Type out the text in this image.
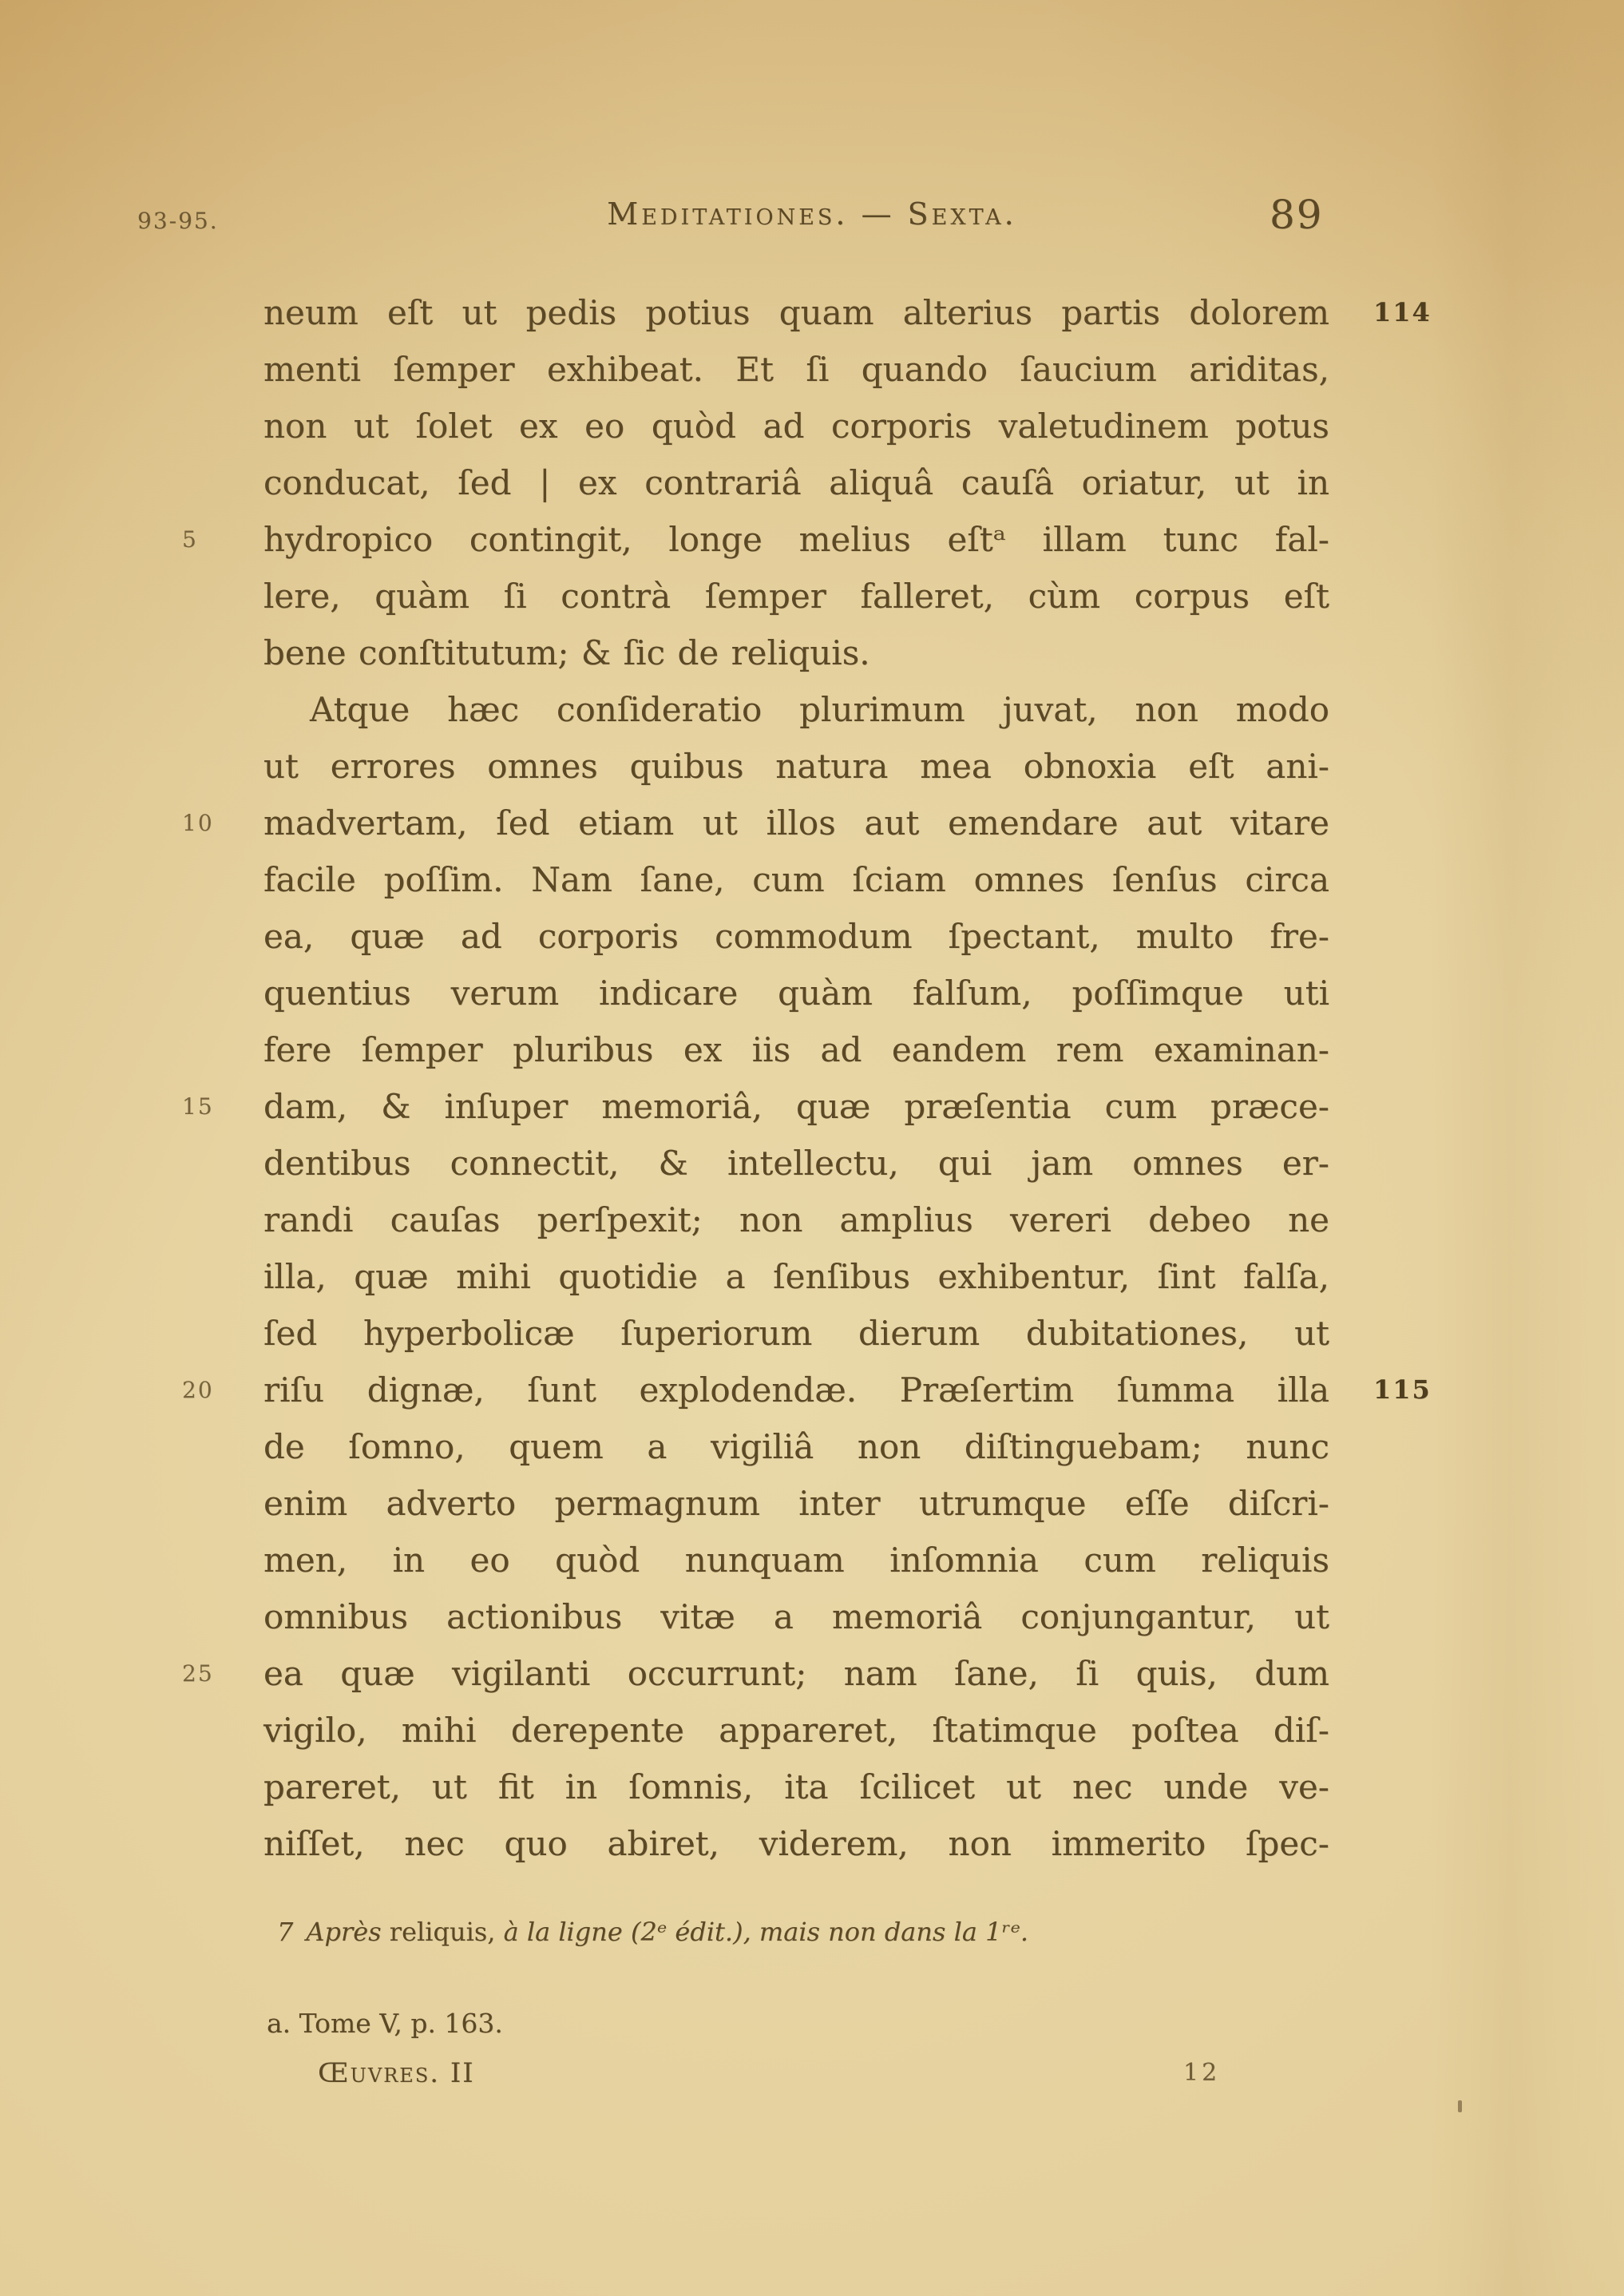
93-95.	Meditationes. — Sexta.	89
neum eſt ut pedis potius quam alterius partis dolorem 114
menti ſemper exhibeat. Et ſi quando ſaucium ariditas,
non ut ſolet ex eo quòd ad corporis valetudinem potus
conducat, ſed | ex contrariâ aliquâ cauſâ oriatur, ut in
5	hydropico contingit, longe melius eſtᵃ illam tunc fal-
lere, quàm ſi contrà ſemper falleret, cùm corpus eſt
bene conſtitutum; & ſic de reliquis.
Atque hæc conſideratio plurimum juvat, non modo
ut errores omnes quibus natura mea obnoxia eſt ani-
10	madvertam, ſed etiam ut illos aut emendare aut vitare
facile poſſim. Nam ſane, cum ſciam omnes ſenſus circa
ea, quæ ad corporis commodum ſpectant, multo fre-
quentius verum indicare quàm falſum, poſſimque uti
fere ſemper pluribus ex iis ad eandem rem examinan-
15	dam, & inſuper memoriâ, quæ præſentia cum præce-
dentibus connectit, & intellectu, qui jam omnes er-
randi cauſas perſpexit; non amplius vereri debeo ne
illa, quæ mihi quotidie a ſenſibus exhibentur, ſint falſa,
ſed hyperbolicæ ſuperiorum dierum dubitationes, ut
20	riſu dignæ, ſunt explodendæ. Præſertim ſumma illa 115
de ſomno, quem a vigiliâ non diſtinguebam; nunc
enim adverto permagnum inter utrumque eſſe diſcri-
men, in eo quòd nunquam inſomnia cum reliquis
omnibus actionibus vitæ a memoriâ conjungantur, ut
25	ea quæ vigilanti occurrunt; nam ſane, ſi quis, dum
vigilo, mihi derepente appareret, ſtatimque poſtea diſ-
pareret, ut fit in ſomnis, ita ſcilicet ut nec unde ve-
niſſet, nec quo abiret, viderem, non immerito ſpec-
7 Après reliquis, à la ligne (2ᵉ édit.), mais non dans la 1ʳᵉ.
a. Tome V, p. 163.
Œuvres. II	12
